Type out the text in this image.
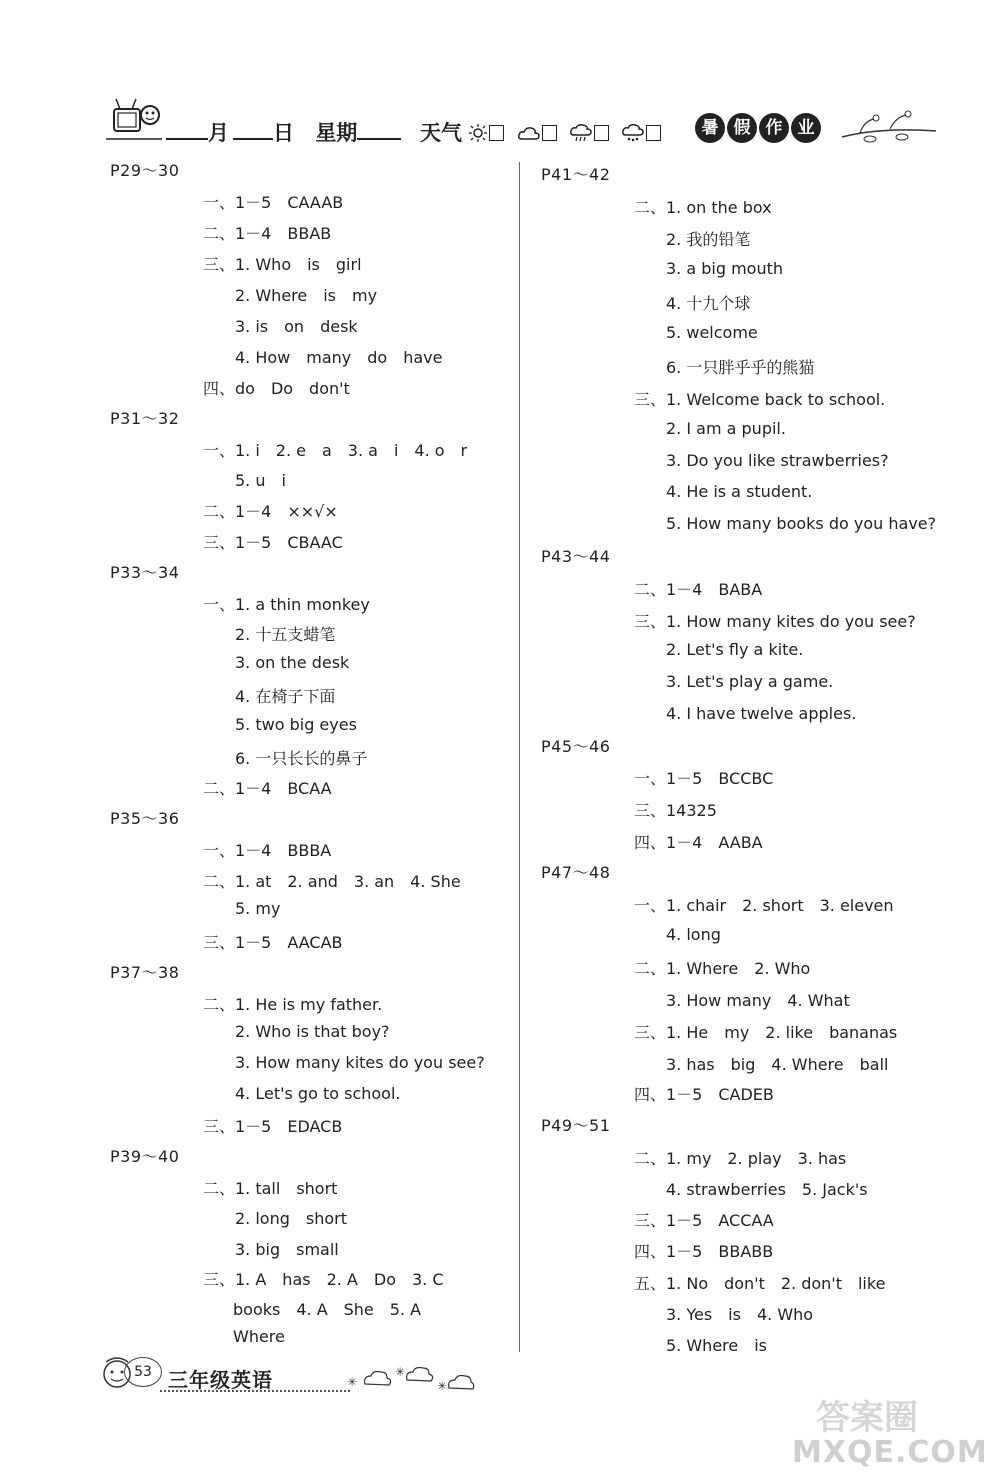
月 日 星期	天气	暑 假 作 业
P29～30
一、1－5　CAAAB
二、1－4　BBAB
三、1. Who　is　girl
2. Where　is　my
3. is　on　desk
4. How　many　do　have
四、do　Do　don't
P31～32
一、1. i　2. e　a　3. a　i　4. o　r
5. u　i
二、1－4　××√×
三、1－5　CBAAC
P33～34
一、1. a thin monkey
2. 十五支蜡笔
3. on the desk
4. 在椅子下面
5. two big eyes
6. 一只长长的鼻子
二、1－4　BCAA
P35～36
一、1－4　BBBA
二、1. at　2. and　3. an　4. She
5. my
三、1－5　AACAB
P37～38
二、1. He is my father.
2. Who is that boy?
3. How many kites do you see?
4. Let's go to school.
三、1－5　EDACB
P39～40
二、1. tall　short
2. long　short
3. big　small
三、1. A　has　2. A　Do　3. C
books　4. A　She　5. A
Where
P41～42
二、1. on the box
2. 我的铅笔
3. a big mouth
4. 十九个球
5. welcome
6. 一只胖乎乎的熊猫
三、1. Welcome back to school.
2. I am a pupil.
3. Do you like strawberries?
4. He is a student.
5. How many books do you have?
P43～44
二、1－4　BABA
三、1. How many kites do you see?
2. Let's fly a kite.
3. Let's play a game.
4. I have twelve apples.
P45～46
一、1－5　BCCBC
三、14325
四、1－4　AABA
P47～48
一、1. chair　2. short　3. eleven
4. long
二、1. Where　2. Who
3. How many　4. What
三、1. He　my　2. like　bananas
3. has　big　4. Where　ball
四、1－5　CADEB
P49～51
二、1. my　2. play　3. has
4. strawberries　5. Jack's
三、1－5　ACCAA
四、1－5　BBABB
五、1. No　don't　2. don't　like
3. Yes　is　4. Who
5. Where　is
53 三年级英语	✳
✳
✳
答案圈
MXQE.COM
